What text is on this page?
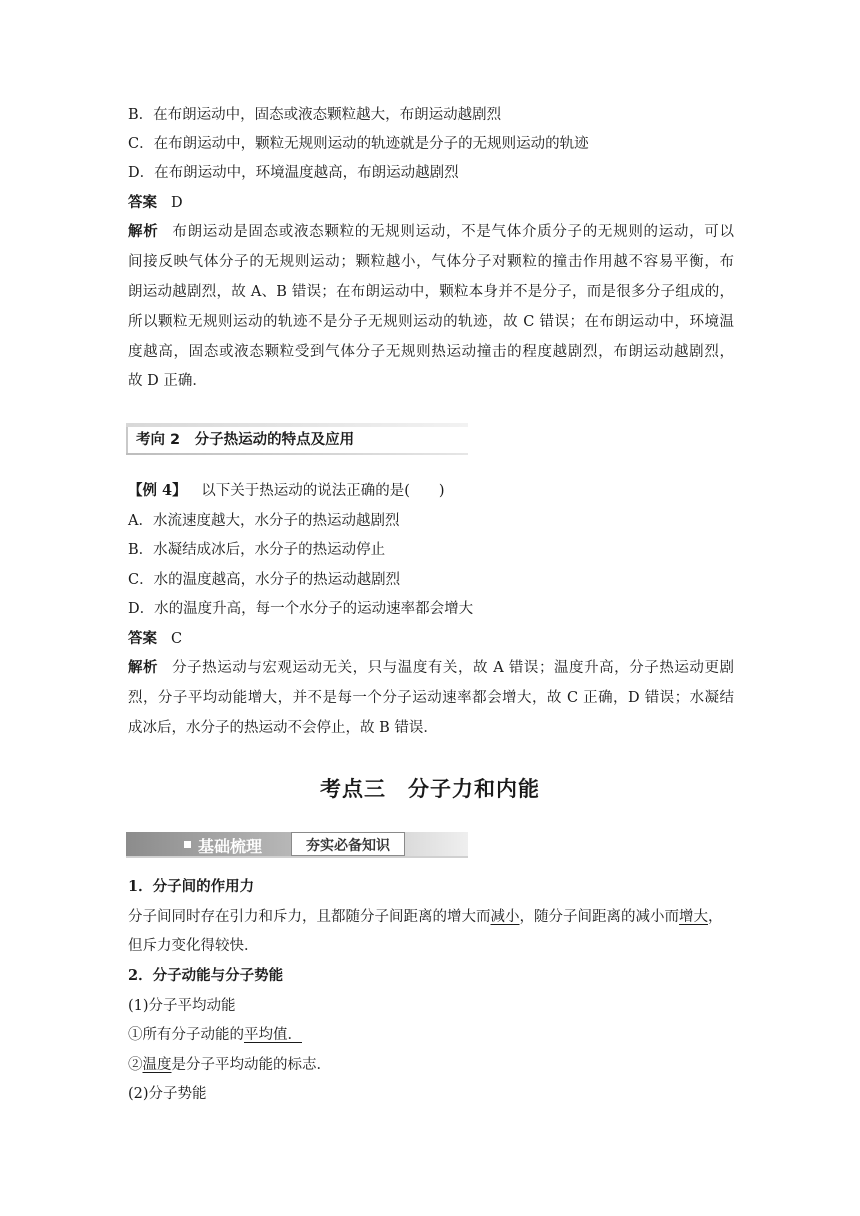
B．在布朗运动中，固态或液态颗粒越大，布朗运动越剧烈
C．在布朗运动中，颗粒无规则运动的轨迹就是分子的无规则运动的轨迹
D．在布朗运动中，环境温度越高，布朗运动越剧烈
答案 D
解析 布朗运动是固态或液态颗粒的无规则运动，不是气体介质分子的无规则的运动，可以
间接反映气体分子的无规则运动；颗粒越小，气体分子对颗粒的撞击作用越不容易平衡，布
朗运动越剧烈，故 A、B 错误；在布朗运动中，颗粒本身并不是分子，而是很多分子组成的，
所以颗粒无规则运动的轨迹不是分子无规则运动的轨迹，故 C 错误；在布朗运动中，环境温
度越高，固态或液态颗粒受到气体分子无规则热运动撞击的程度越剧烈，布朗运动越剧烈，
故 D 正确．
考向 2　分子热运动的特点及应用
【例 4】 以下关于热运动的说法正确的是(　　)
A．水流速度越大，水分子的热运动越剧烈
B．水凝结成冰后，水分子的热运动停止
C．水的温度越高，水分子的热运动越剧烈
D．水的温度升高，每一个水分子的运动速率都会增大
答案 C
解析 分子热运动与宏观运动无关，只与温度有关，故 A 错误；温度升高，分子热运动更剧
烈，分子平均动能增大，并不是每一个分子运动速率都会增大，故 C 正确，D 错误；水凝结
成冰后，水分子的热运动不会停止，故 B 错误．
考点三　分子力和内能
基础梳理	夯实必备知识
1．分子间的作用力
分子间同时存在引力和斥力，且都随分子间距离的增大而减小，随分子间距离的减小而增大，
但斥力变化得较快．
2．分子动能与分子势能
(1)分子平均动能
①所有分子动能的平均值．
②温度是分子平均动能的标志．
(2)分子势能
